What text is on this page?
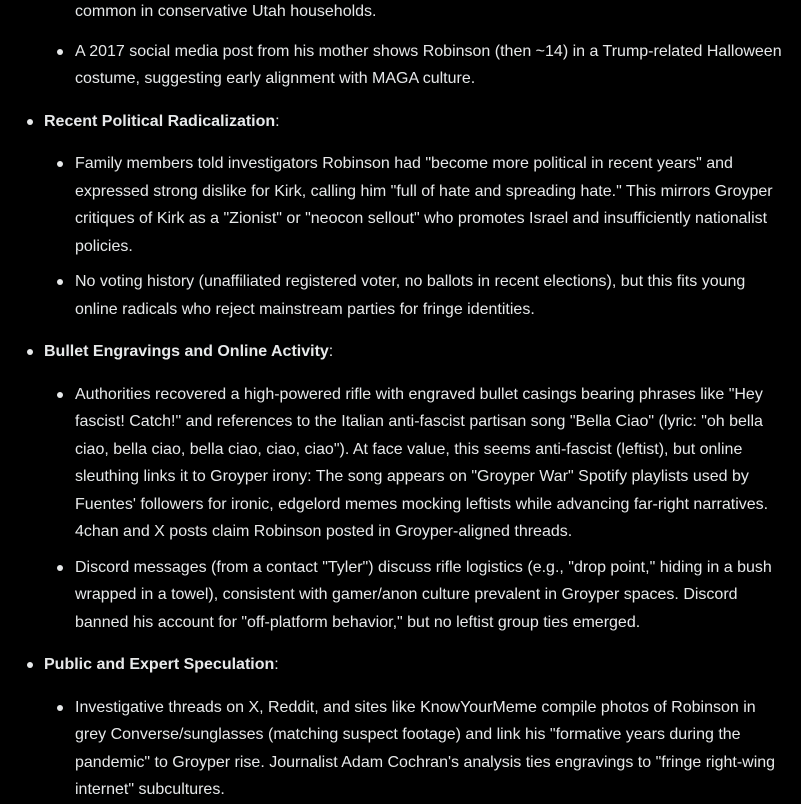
common in conservative Utah households.

A 2017 social media post from his mother shows Robinson (then ~14) in a Trump-related Halloween costume, suggesting early alignment with MAGA culture.

Recent Political Radicalization:

Family members told investigators Robinson had "become more political in recent years" and expressed strong dislike for Kirk, calling him "full of hate and spreading hate." This mirrors Groyper critiques of Kirk as a "Zionist" or "neocon sellout" who promotes Israel and insufficiently nationalist policies.

No voting history (unaffiliated registered voter, no ballots in recent elections), but this fits young online radicals who reject mainstream parties for fringe identities.

Bullet Engravings and Online Activity:

Authorities recovered a high-powered rifle with engraved bullet casings bearing phrases like "Hey fascist! Catch!" and references to the Italian anti-fascist partisan song "Bella Ciao" (lyric: "oh bella ciao, bella ciao, bella ciao, ciao, ciao"). At face value, this seems anti-fascist (leftist), but online sleuthing links it to Groyper irony: The song appears on "Groyper War" Spotify playlists used by Fuentes' followers for ironic, edgelord memes mocking leftists while advancing far-right narratives. 4chan and X posts claim Robinson posted in Groyper-aligned threads.

Discord messages (from a contact "Tyler") discuss rifle logistics (e.g., "drop point," hiding in a bush wrapped in a towel), consistent with gamer/anon culture prevalent in Groyper spaces. Discord banned his account for "off-platform behavior," but no leftist group ties emerged.

Public and Expert Speculation:

Investigative threads on X, Reddit, and sites like KnowYourMeme compile photos of Robinson in grey Converse/sunglasses (matching suspect footage) and link his "formative years during the pandemic" to Groyper rise. Journalist Adam Cochran's analysis ties engravings to "fringe right-wing internet" subcultures.
